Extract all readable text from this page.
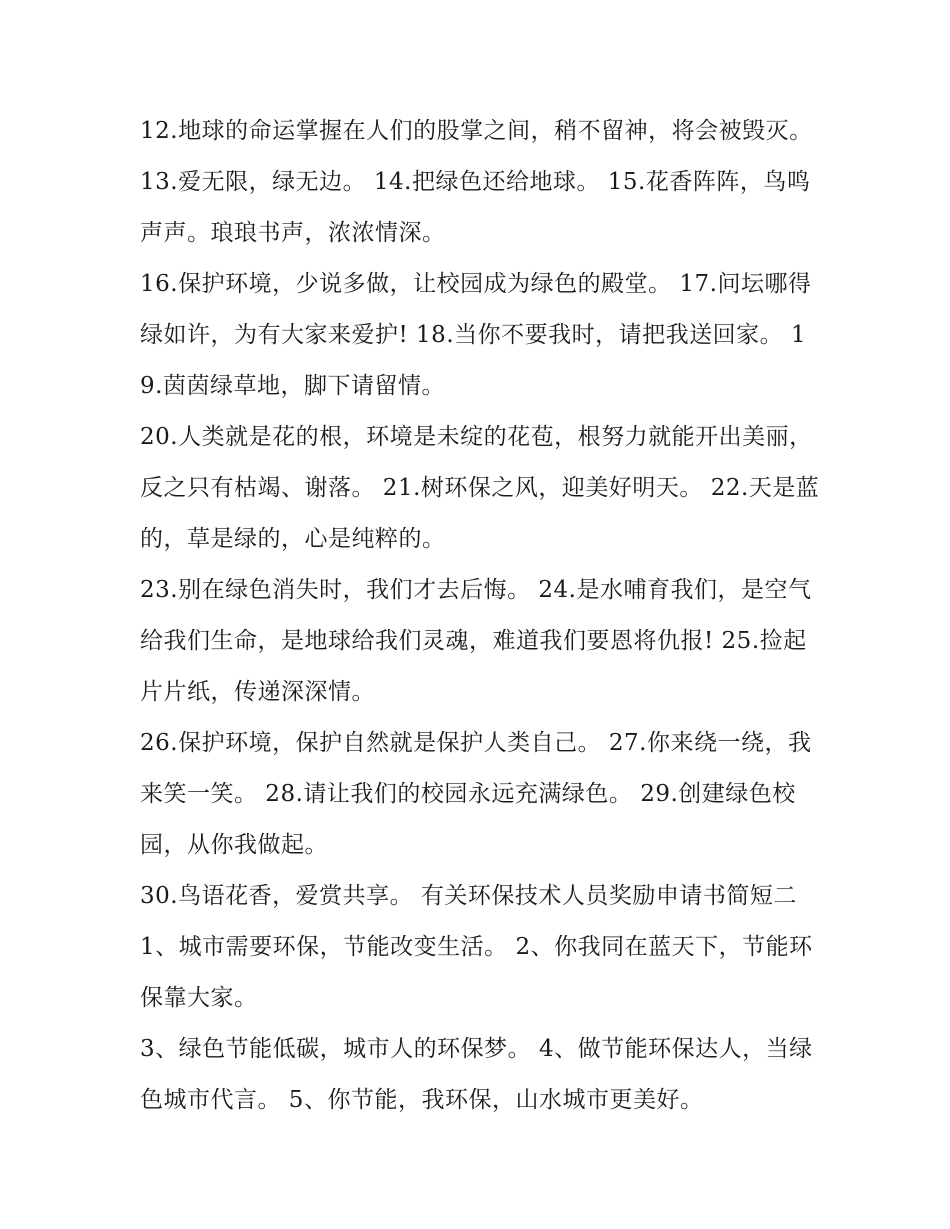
12.地球的命运掌握在人们的股掌之间，稍不留神，将会被毁灭。 13.爱无限，绿无边。 14.把绿色还给地球。 15.花香阵阵，鸟鸣声声。琅琅书声，浓浓情深。

16.保护环境，少说多做，让校园成为绿色的殿堂。 17.问坛哪得绿如许，为有大家来爱护! 18.当你不要我时，请把我送回家。 19.茵茵绿草地，脚下请留情。

20.人类就是花的根，环境是未绽的花苞，根努力就能开出美丽，反之只有枯竭、谢落。 21.树环保之风，迎美好明天。 22.天是蓝的，草是绿的，心是纯粹的。

23.别在绿色消失时，我们才去后悔。 24.是水哺育我们，是空气给我们生命，是地球给我们灵魂，难道我们要恩将仇报! 25.捡起片片纸，传递深深情。

26.保护环境，保护自然就是保护人类自己。 27.你来绕一绕，我来笑一笑。 28.请让我们的校园永远充满绿色。 29.创建绿色校园，从你我做起。

30.鸟语花香，爱赏共享。 有关环保技术人员奖励申请书简短二 1、城市需要环保，节能改变生活。 2、你我同在蓝天下，节能环保靠大家。

3、绿色节能低碳，城市人的环保梦。 4、做节能环保达人，当绿色城市代言。 5、你节能，我环保，山水城市更美好。
